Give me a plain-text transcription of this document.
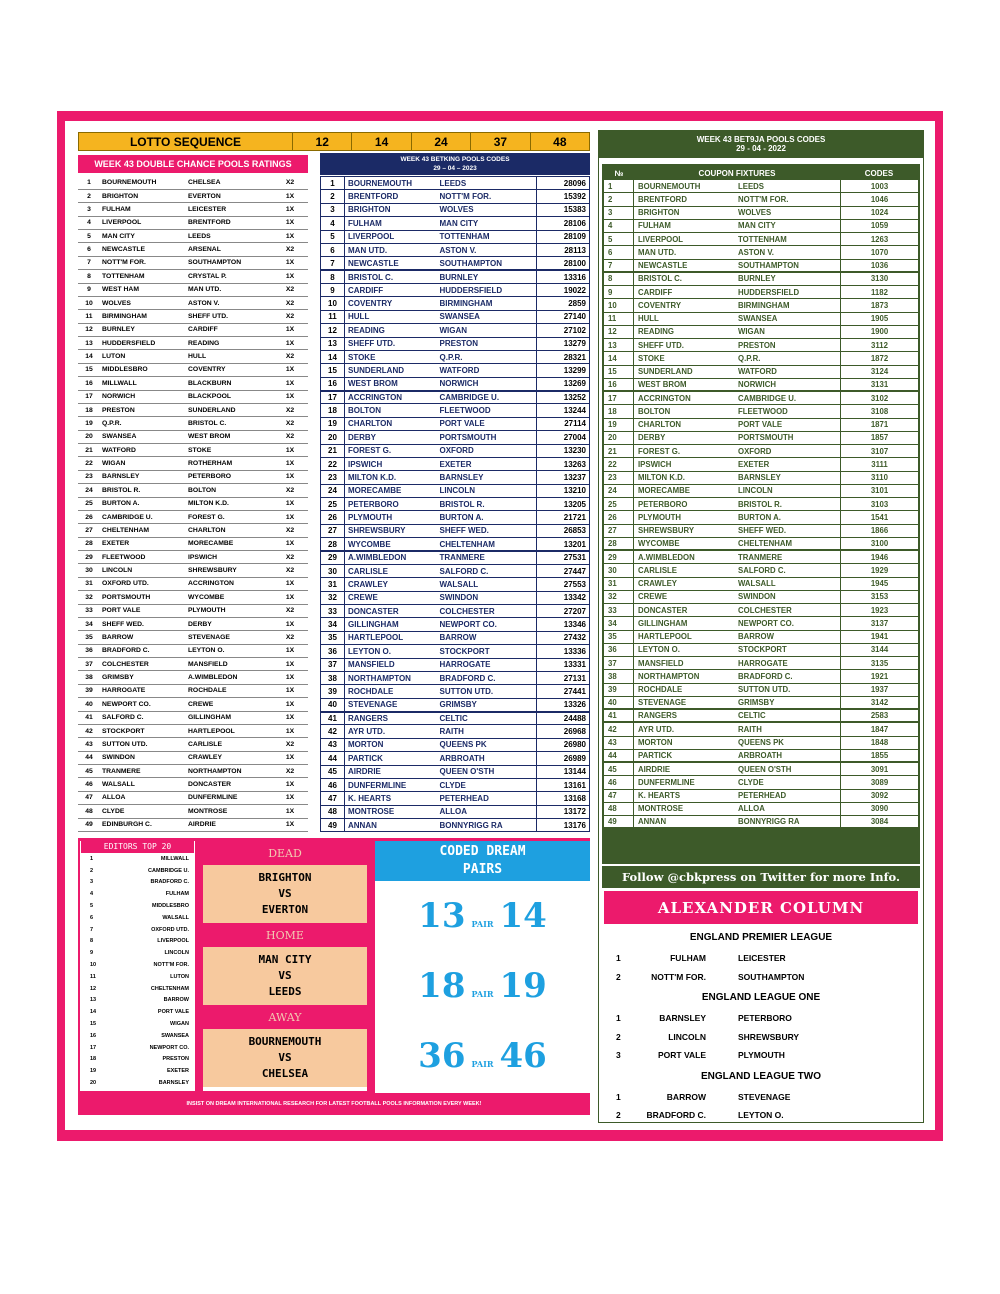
LOTTO SEQUENCE	12	14	24	37	48
WEEK 43 DOUBLE CHANCE POOLS RATINGS
1	BOURNEMOUTH	CHELSEA	X2
2	BRIGHTON	EVERTON	1X
3	FULHAM	LEICESTER	1X
4	LIVERPOOL	BRENTFORD	1X
5	MAN CITY	LEEDS	1X
6	NEWCASTLE	ARSENAL	X2
7	NOTT'M FOR.	SOUTHAMPTON	1X
8	TOTTENHAM	CRYSTAL P.	1X
9	WEST HAM	MAN UTD.	X2
10	WOLVES	ASTON V.	X2
11	BIRMINGHAM	SHEFF UTD.	X2
12	BURNLEY	CARDIFF	1X
13	HUDDERSFIELD	READING	1X
14	LUTON	HULL	X2
15	MIDDLESBRO	COVENTRY	1X
16	MILLWALL	BLACKBURN	1X
17	NORWICH	BLACKPOOL	1X
18	PRESTON	SUNDERLAND	X2
19	Q.P.R.	BRISTOL C.	X2
20	SWANSEA	WEST BROM	X2
21	WATFORD	STOKE	1X
22	WIGAN	ROTHERHAM	1X
23	BARNSLEY	PETERBORO	1X
24	BRISTOL R.	BOLTON	X2
25	BURTON A.	MILTON K.D.	1X
26	CAMBRIDGE U.	FOREST G.	1X
27	CHELTENHAM	CHARLTON	X2
28	EXETER	MORECAMBE	1X
29	FLEETWOOD	IPSWICH	X2
30	LINCOLN	SHREWSBURY	X2
31	OXFORD UTD.	ACCRINGTON	1X
32	PORTSMOUTH	WYCOMBE	1X
33	PORT VALE	PLYMOUTH	X2
34	SHEFF WED.	DERBY	1X
35	BARROW	STEVENAGE	X2
36	BRADFORD C.	LEYTON O.	1X
37	COLCHESTER	MANSFIELD	1X
38	GRIMSBY	A.WIMBLEDON	1X
39	HARROGATE	ROCHDALE	1X
40	NEWPORT CO.	CREWE	1X
41	SALFORD C.	GILLINGHAM	1X
42	STOCKPORT	HARTLEPOOL	1X
43	SUTTON UTD.	CARLISLE	X2
44	SWINDON	CRAWLEY	1X
45	TRANMERE	NORTHAMPTON	X2
46	WALSALL	DONCASTER	1X
47	ALLOA	DUNFERMLINE	1X
48	CLYDE	MONTROSE	1X
49	EDINBURGH C.	AIRDRIE	1X
WEEK 43 BETKING POOLS CODES
29 – 04 – 2023
1	BOURNEMOUTH	LEEDS	28096
2	BRENTFORD	NOTT'M FOR.	15392
3	BRIGHTON	WOLVES	15383
4	FULHAM	MAN CITY	28106
5	LIVERPOOL	TOTTENHAM	28109
6	MAN UTD.	ASTON V.	28113
7	NEWCASTLE	SOUTHAMPTON	28100
8	BRISTOL C.	BURNLEY	13316
9	CARDIFF	HUDDERSFIELD	19022
10	COVENTRY	BIRMINGHAM	2859
11	HULL	SWANSEA	27140
12	READING	WIGAN	27102
13	SHEFF UTD.	PRESTON	13279
14	STOKE	Q.P.R.	28321
15	SUNDERLAND	WATFORD	13299
16	WEST BROM	NORWICH	13269
17	ACCRINGTON	CAMBRIDGE U.	13252
18	BOLTON	FLEETWOOD	13244
19	CHARLTON	PORT VALE	27114
20	DERBY	PORTSMOUTH	27004
21	FOREST G.	OXFORD	13230
22	IPSWICH	EXETER	13263
23	MILTON K.D.	BARNSLEY	13237
24	MORECAMBE	LINCOLN	13210
25	PETERBORO	BRISTOL R.	13205
26	PLYMOUTH	BURTON A.	21721
27	SHREWSBURY	SHEFF WED.	26853
28	WYCOMBE	CHELTENHAM	13201
29	A.WIMBLEDON	TRANMERE	27531
30	CARLISLE	SALFORD C.	27447
31	CRAWLEY	WALSALL	27553
32	CREWE	SWINDON	13342
33	DONCASTER	COLCHESTER	27207
34	GILLINGHAM	NEWPORT CO.	13346
35	HARTLEPOOL	BARROW	27432
36	LEYTON O.	STOCKPORT	13336
37	MANSFIELD	HARROGATE	13331
38	NORTHAMPTON	BRADFORD C.	27131
39	ROCHDALE	SUTTON UTD.	27441
40	STEVENAGE	GRIMSBY	13326
41	RANGERS	CELTIC	24488
42	AYR UTD.	RAITH	26968
43	MORTON	QUEENS PK	26980
44	PARTICK	ARBROATH	26989
45	AIRDRIE	QUEEN O'STH	13144
46	DUNFERMLINE	CLYDE	13161
47	K. HEARTS	PETERHEAD	13168
48	MONTROSE	ALLOA	13172
49	ANNAN	BONNYRIGG RA	13176
WEEK 43 BET9JA POOLS CODES
29 - 04 - 2022
№	COUPON FIXTURES		CODES
1	BOURNEMOUTH	LEEDS	1003
2	BRENTFORD	NOTT'M FOR.	1046
3	BRIGHTON	WOLVES	1024
4	FULHAM	MAN CITY	1059
5	LIVERPOOL	TOTTENHAM	1263
6	MAN UTD.	ASTON V.	1070
7	NEWCASTLE	SOUTHAMPTON	1036
8	BRISTOL C.	BURNLEY	3130
9	CARDIFF	HUDDERSFIELD	1182
10	COVENTRY	BIRMINGHAM	1873
11	HULL	SWANSEA	1905
12	READING	WIGAN	1900
13	SHEFF UTD.	PRESTON	3112
14	STOKE	Q.P.R.	1872
15	SUNDERLAND	WATFORD	3124
16	WEST BROM	NORWICH	3131
17	ACCRINGTON	CAMBRIDGE U.	3102
18	BOLTON	FLEETWOOD	3108
19	CHARLTON	PORT VALE	1871
20	DERBY	PORTSMOUTH	1857
21	FOREST G.	OXFORD	3107
22	IPSWICH	EXETER	3111
23	MILTON K.D.	BARNSLEY	3110
24	MORECAMBE	LINCOLN	3101
25	PETERBORO	BRISTOL R.	3103
26	PLYMOUTH	BURTON A.	1541
27	SHREWSBURY	SHEFF WED.	1866
28	WYCOMBE	CHELTENHAM	3100
29	A.WIMBLEDON	TRANMERE	1946
30	CARLISLE	SALFORD C.	1929
31	CRAWLEY	WALSALL	1945
32	CREWE	SWINDON	3153
33	DONCASTER	COLCHESTER	1923
34	GILLINGHAM	NEWPORT CO.	3137
35	HARTLEPOOL	BARROW	1941
36	LEYTON O.	STOCKPORT	3144
37	MANSFIELD	HARROGATE	3135
38	NORTHAMPTON	BRADFORD C.	1921
39	ROCHDALE	SUTTON UTD.	1937
40	STEVENAGE	GRIMSBY	3142
41	RANGERS	CELTIC	2583
42	AYR UTD.	RAITH	1847
43	MORTON	QUEENS PK	1848
44	PARTICK	ARBROATH	1855
45	AIRDRIE	QUEEN O'STH	3091
46	DUNFERMLINE	CLYDE	3089
47	K. HEARTS	PETERHEAD	3092
48	MONTROSE	ALLOA	3090
49	ANNAN	BONNYRIGG RA	3084
Follow @cbkpress on Twitter for more Info.
ALEXANDER COLUMN
ENGLAND PREMIER LEAGUE
1	FULHAM	LEICESTER
2	NOTT'M FOR.	SOUTHAMPTON
ENGLAND LEAGUE ONE
1	BARNSLEY	PETERBORO
2	LINCOLN	SHREWSBURY
3	PORT VALE	PLYMOUTH
ENGLAND LEAGUE TWO
1	BARROW	STEVENAGE
2	BRADFORD C.	LEYTON O.
EDITORS TOP 20
1	MILLWALL
2	CAMBRIDGE U.
3	BRADFORD C.
4	FULHAM
5	MIDDLESBRO
6	WALSALL
7	OXFORD UTD.
8	LIVERPOOL
9	LINCOLN
10	NOTT'M FOR.
11	LUTON
12	CHELTENHAM
13	BARROW
14	PORT VALE
15	WIGAN
16	SWANSEA
17	NEWPORT CO.
18	PRESTON
19	EXETER
20	BARNSLEY
DEAD
BRIGHTON
VS
EVERTON
HOME
MAN CITY
VS
LEEDS
AWAY
BOURNEMOUTH
VS
CHELSEA
CODED DREAM
PAIRS
13 PAIR 14
18 PAIR 19
36 PAIR 46
INSIST ON DREAM INTERNATIONAL RESEARCH FOR LATEST FOOTBALL POOLS INFORMATION EVERY WEEK!
